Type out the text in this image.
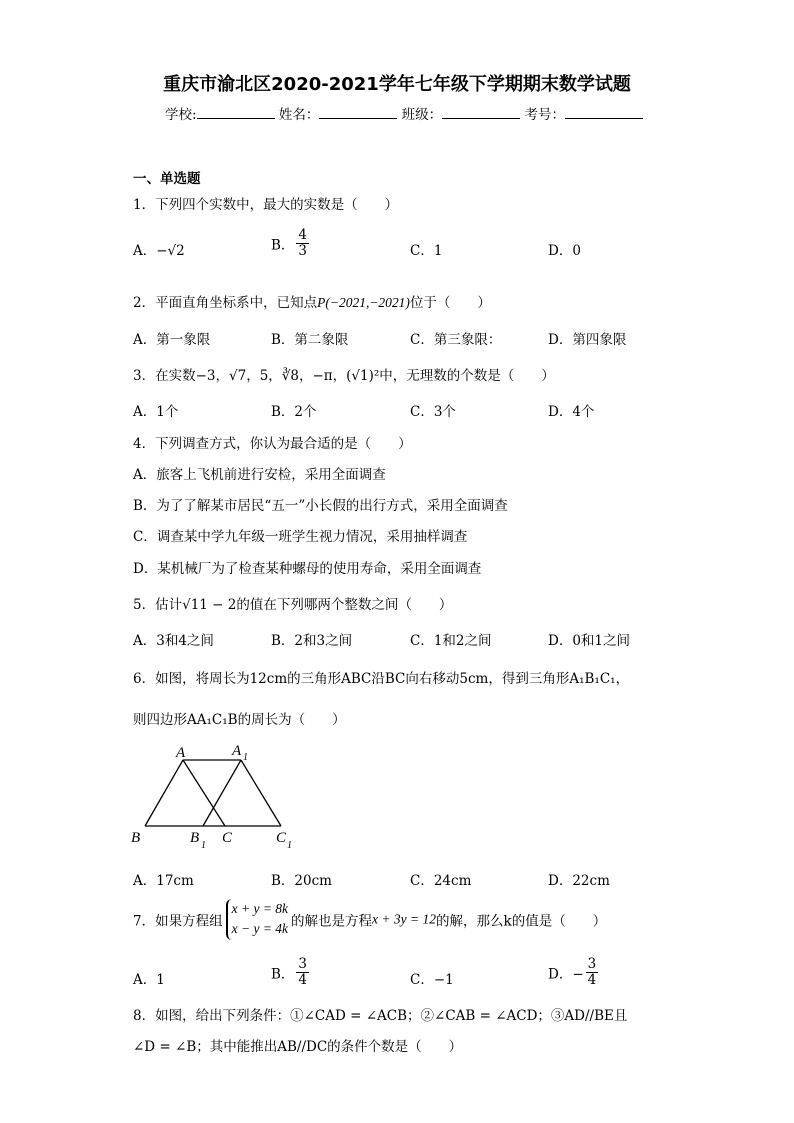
重庆市渝北区2020-2021学年七年级下学期期末数学试题
学校:	姓名：	班级：	考号：
一、单选题
1．下列四个实数中，最大的实数是（　　）
A．−√2	B． $\frac{4}{3}$	C．1	D．0
2．平面直角坐标系中，已知点P(−2021,−2021)位于（　　）
A．第一象限	B．第二象限	C．第三象限：	D．第四象限
3．在实数−3，√7，5，∛8，−π，(√1)²中，无理数的个数是（　　）
A．1个	B．2个	C．3个	D．4个
4．下列调查方式，你认为最合适的是（　　）
A．旅客上飞机前进行安检，采用全面调查
B．为了了解某市居民“五一”小长假的出行方式，采用全面调查
C．调查某中学九年级一班学生视力情况，采用抽样调查
D．某机械厂为了检查某种螺母的使用寿命，采用全面调查
5．估计√11 − 2的值在下列哪两个整数之间（　　）
A．3和4之间	B．2和3之间	C．1和2之间	D．0和1之间
6．如图，将周长为12cm的三角形ABC沿BC向右移动5cm，得到三角形A₁B₁C₁，
则四边形AA₁C₁B的周长为（　　）
A	A 1
B	B 1 C	C 1
A．17cm	B．20cm	C．24cm	D．22cm
7．如果方程组
x + y = 8k
x − y = 4k 的解也是方程x + 3y = 12的解，那么k的值是（　　）
A．1	B． $\frac{3}{4}$	C．−1	D．− $\frac{3}{4}$
8．如图，给出下列条件：①∠CAD = ∠ACB；②∠CAB = ∠ACD；③AD//BE且
∠D = ∠B；其中能推出AB//DC的条件个数是（　　）
